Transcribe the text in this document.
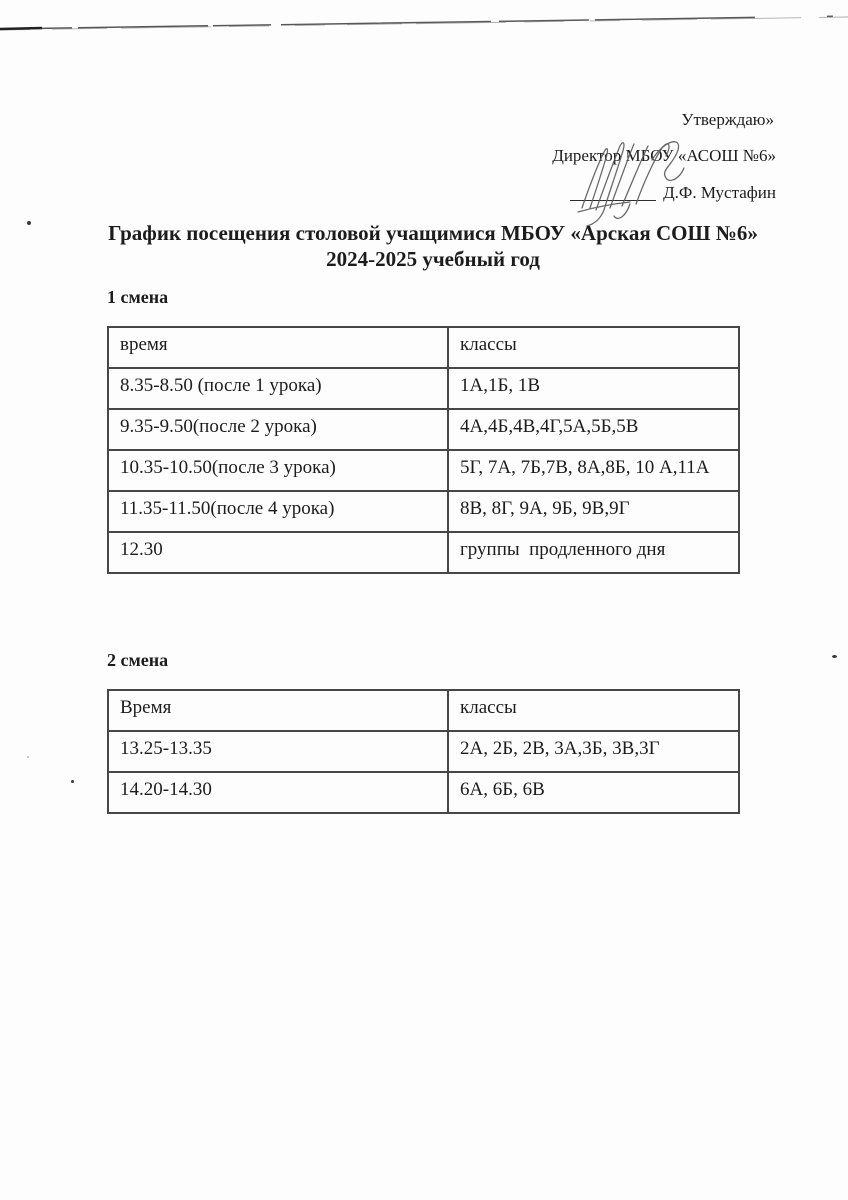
Утверждаю»
Директор МБОУ «АСОШ №6»
Д.Ф. Мустафин
График посещения столовой учащимися МБОУ «Арская СОШ №6»
2024-2025 учебный год
1 смена
время	классы
8.35-8.50 (после 1 урока)	1А,1Б, 1В
9.35-9.50(после 2 урока)	4А,4Б,4В,4Г,5А,5Б,5В
10.35-10.50(после 3 урока)	5Г, 7А, 7Б,7В, 8А,8Б, 10 А,11А
11.35-11.50(после 4 урока)	8В, 8Г, 9А, 9Б, 9В,9Г
12.30	группы  продленного дня
2 смена
Время	классы
13.25-13.35	2А, 2Б, 2В, 3А,3Б, 3В,3Г
14.20-14.30	6А, 6Б, 6В
